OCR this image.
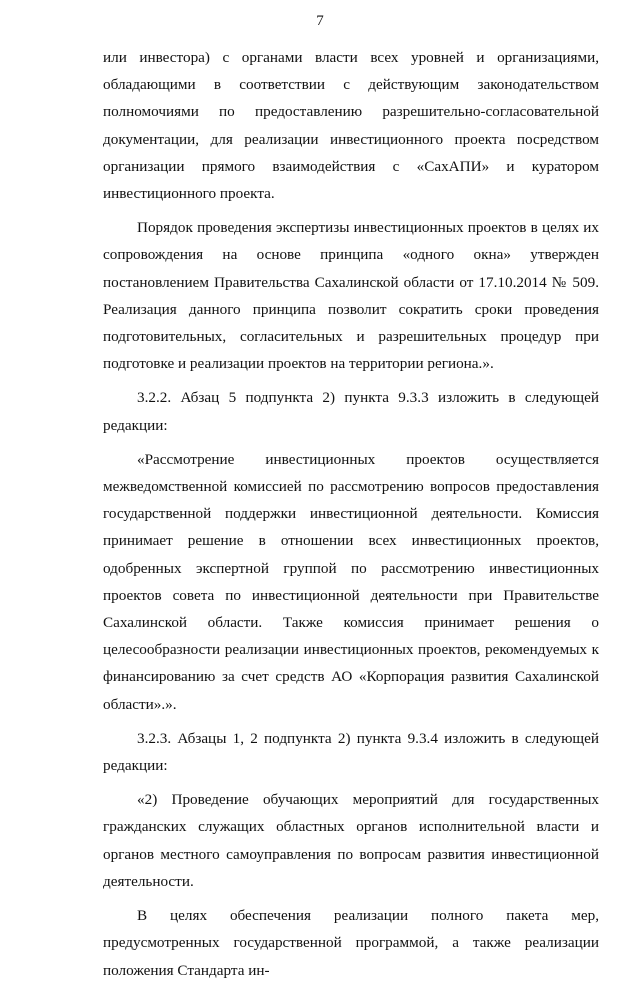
7

или инвестора) с органами власти всех уровней и организациями, обладающими в соответствии с действующим законодательством полномочиями по предоставлению разрешительно-согласовательной документации, для реализации инвестиционного проекта посредством организации прямого взаимодействия с «СахАПИ» и куратором инвестиционного проекта.

Порядок проведения экспертизы инвестиционных проектов в целях их сопровождения на основе принципа «одного окна» утвержден постановлением Правительства Сахалинской области от 17.10.2014 № 509. Реализация данного принципа позволит сократить сроки проведения подготовительных, согласительных и разрешительных процедур при подготовке и реализации проектов на территории региона.».

3.2.2. Абзац 5 подпункта 2) пункта 9.3.3 изложить в следующей редакции:

«Рассмотрение инвестиционных проектов осуществляется межведомственной комиссией по рассмотрению вопросов предоставления государственной поддержки инвестиционной деятельности. Комиссия принимает решение в отношении всех инвестиционных проектов, одобренных экспертной группой по рассмотрению инвестиционных проектов совета по инвестиционной деятельности при Правительстве Сахалинской области. Также комиссия принимает решения о целесообразности реализации инвестиционных проектов, рекомендуемых к финансированию за счет средств АО «Корпорация развития Сахалинской области».».

3.2.3. Абзацы 1, 2 подпункта 2) пункта 9.3.4 изложить в следующей редакции:

«2) Проведение обучающих мероприятий для государственных гражданских служащих областных органов исполнительной власти и органов местного самоуправления по вопросам развития инвестиционной деятельности.

В целях обеспечения реализации полного пакета мер, предусмотренных государственной программой, а также реализации положения Стандарта ин-
